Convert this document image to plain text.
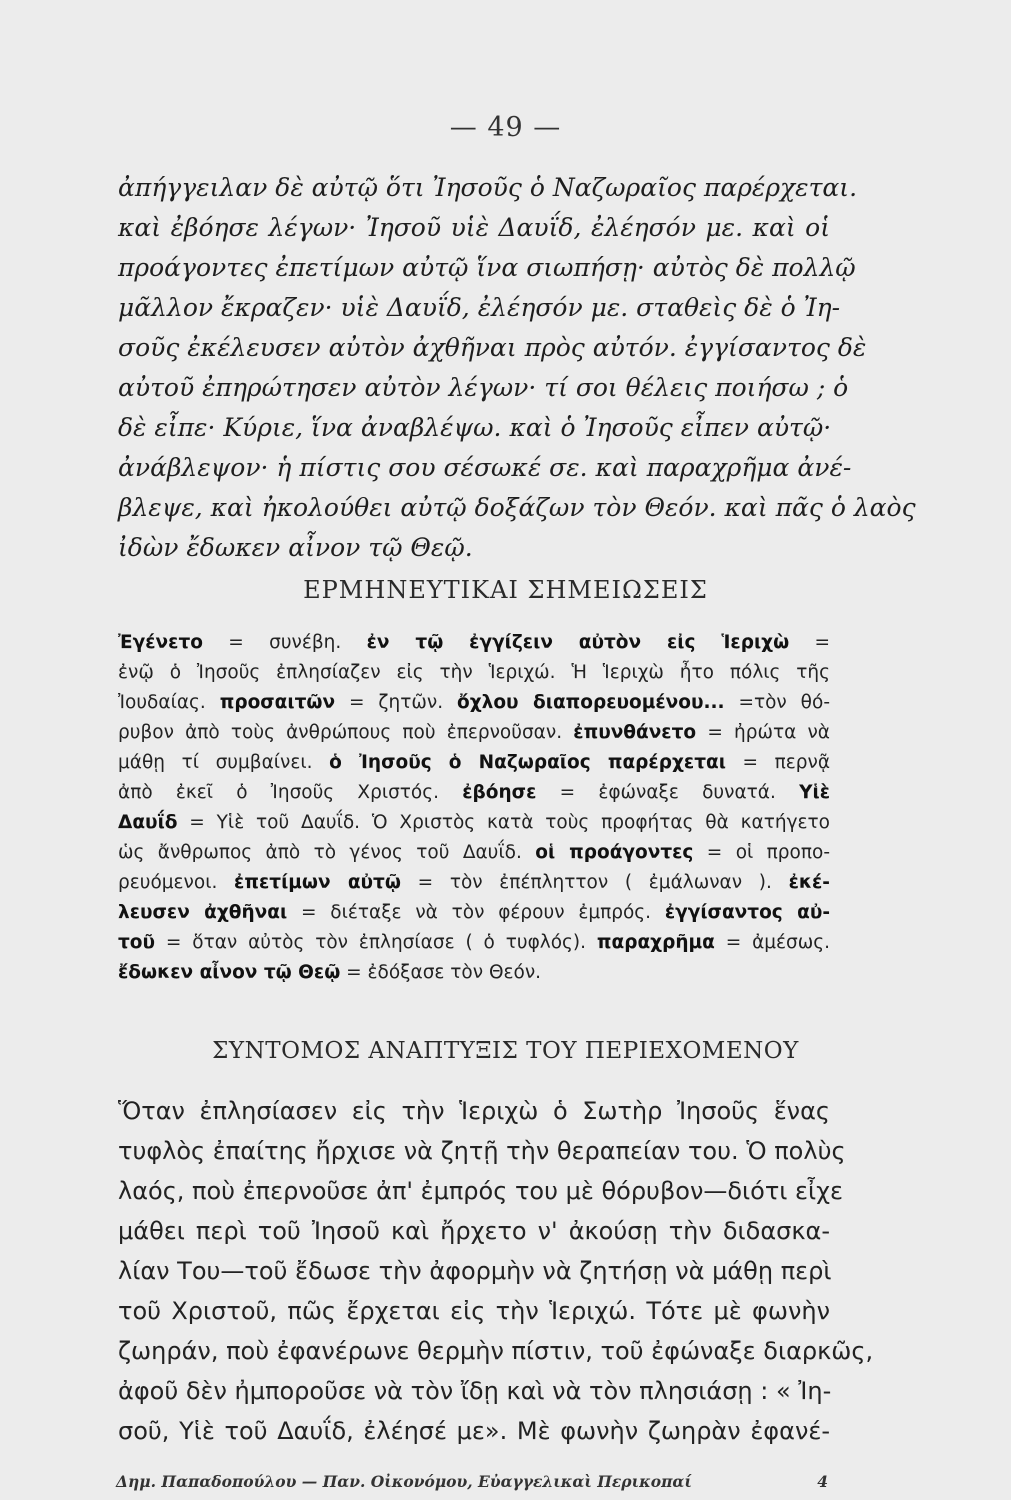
— 49 —
ἀπήγγειλαν δὲ αὐτῷ ὅτι Ἰησοῦς ὁ Ναζωραῖος παρέρχεται.
καὶ ἐβόησε λέγων· Ἰησοῦ υἱὲ Δαυΐδ, ἐλέησόν με. καὶ οἱ
προάγοντες ἐπετίμων αὐτῷ ἵνα σιωπήσῃ· αὐτὸς δὲ πολλῷ
μᾶλλον ἔκραζεν· υἱὲ Δαυΐδ, ἐλέησόν με. σταθεὶς δὲ ὁ Ἰη-
σοῦς ἐκέλευσεν αὐτὸν ἀχθῆναι πρὸς αὐτόν. ἐγγίσαντος δὲ
αὐτοῦ ἐπηρώτησεν αὐτὸν λέγων· τί σοι θέλεις ποιήσω ; ὁ
δὲ εἶπε· Κύριε, ἵνα ἀναβλέψω. καὶ ὁ Ἰησοῦς εἶπεν αὐτῷ·
ἀνάβλεψον· ἡ πίστις σου σέσωκέ σε. καὶ παραχρῆμα ἀνέ-
βλεψε, καὶ ἠκολούθει αὐτῷ δοξάζων τὸν Θεόν. καὶ πᾶς ὁ λαὸς
ἰδὼν ἔδωκεν αἶνον τῷ Θεῷ.
ΕΡΜΗΝΕΥΤΙΚΑΙ ΣΗΜΕΙΩΣΕΙΣ
Ἐγένετο = συνέβη. ἐν τῷ ἐγγίζειν αὐτὸν εἰς Ἱεριχὼ =
ἐνῷ ὁ Ἰησοῦς ἐπλησίαζεν εἰς τὴν Ἱεριχώ. Ἡ Ἱεριχὼ ἦτο πόλις τῆς
Ἰουδαίας. προσαιτῶν = ζητῶν. ὄχλου διαπορευομένου... =τὸν θό-
ρυβον ἀπὸ τοὺς ἀνθρώπους ποὺ ἐπερνοῦσαν. ἐπυνθάνετο = ἠρώτα νὰ
μάθῃ τί συμβαίνει. ὁ Ἰησοῦς ὁ Ναζωραῖος παρέρχεται = περνᾷ
ἀπὸ ἐκεῖ ὁ Ἰησοῦς Χριστός. ἐβόησε = ἐφώναξε δυνατά. Υἱὲ
Δαυΐδ = Υἱὲ τοῦ Δαυΐδ. Ὁ Χριστὸς κατὰ τοὺς προφήτας θὰ κατήγετο
ὡς ἄνθρωπος ἀπὸ τὸ γένος τοῦ Δαυΐδ. οἱ προάγοντες = οἱ προπο-
ρευόμενοι. ἐπετίμων αὐτῷ = τὸν ἐπέπληττον ( ἐμάλωναν ). ἐκέ-
λευσεν ἀχθῆναι = διέταξε νὰ τὸν φέρουν ἐμπρός. ἐγγίσαντος αὐ-
τοῦ = ὅταν αὐτὸς τὸν ἐπλησίασε ( ὁ τυφλός). παραχρῆμα = ἀμέσως.
ἔδωκεν αἶνον τῷ Θεῷ = ἐδόξασε τὸν Θεόν.
ΣΥΝΤΟΜΟΣ ΑΝΑΠΤΥΞΙΣ ΤΟΥ ΠΕΡΙΕΧΟΜΕΝΟΥ
Ὅταν ἐπλησίασεν εἰς τὴν Ἱεριχὼ ὁ Σωτὴρ Ἰησοῦς ἕνας
τυφλὸς ἐπαίτης ἤρχισε νὰ ζητῇ τὴν θεραπείαν του. Ὁ πολὺς
λαός, ποὺ ἐπερνοῦσε ἀπ' ἐμπρός του μὲ θόρυβον—διότι εἶχε
μάθει περὶ τοῦ Ἰησοῦ καὶ ἤρχετο ν' ἀκούσῃ τὴν διδασκα-
λίαν Του—τοῦ ἔδωσε τὴν ἀφορμὴν νὰ ζητήσῃ νὰ μάθῃ περὶ
τοῦ Χριστοῦ, πῶς ἔρχεται εἰς τὴν Ἱεριχώ. Τότε μὲ φωνὴν
ζωηράν, ποὺ ἐφανέρωνε θερμὴν πίστιν, τοῦ ἐφώναξε διαρκῶς,
ἀφοῦ δὲν ἠμποροῦσε νὰ τὸν ἴδῃ καὶ νὰ τὸν πλησιάσῃ : « Ἰη-
σοῦ, Υἱὲ τοῦ Δαυΐδ, ἐλέησέ με». Μὲ φωνὴν ζωηρὰν ἐφανέ-
Δημ. Παπαδοπούλου — Παν. Οἰκονόμου, Εὐαγγελικαὶ Περικοπαί	4
